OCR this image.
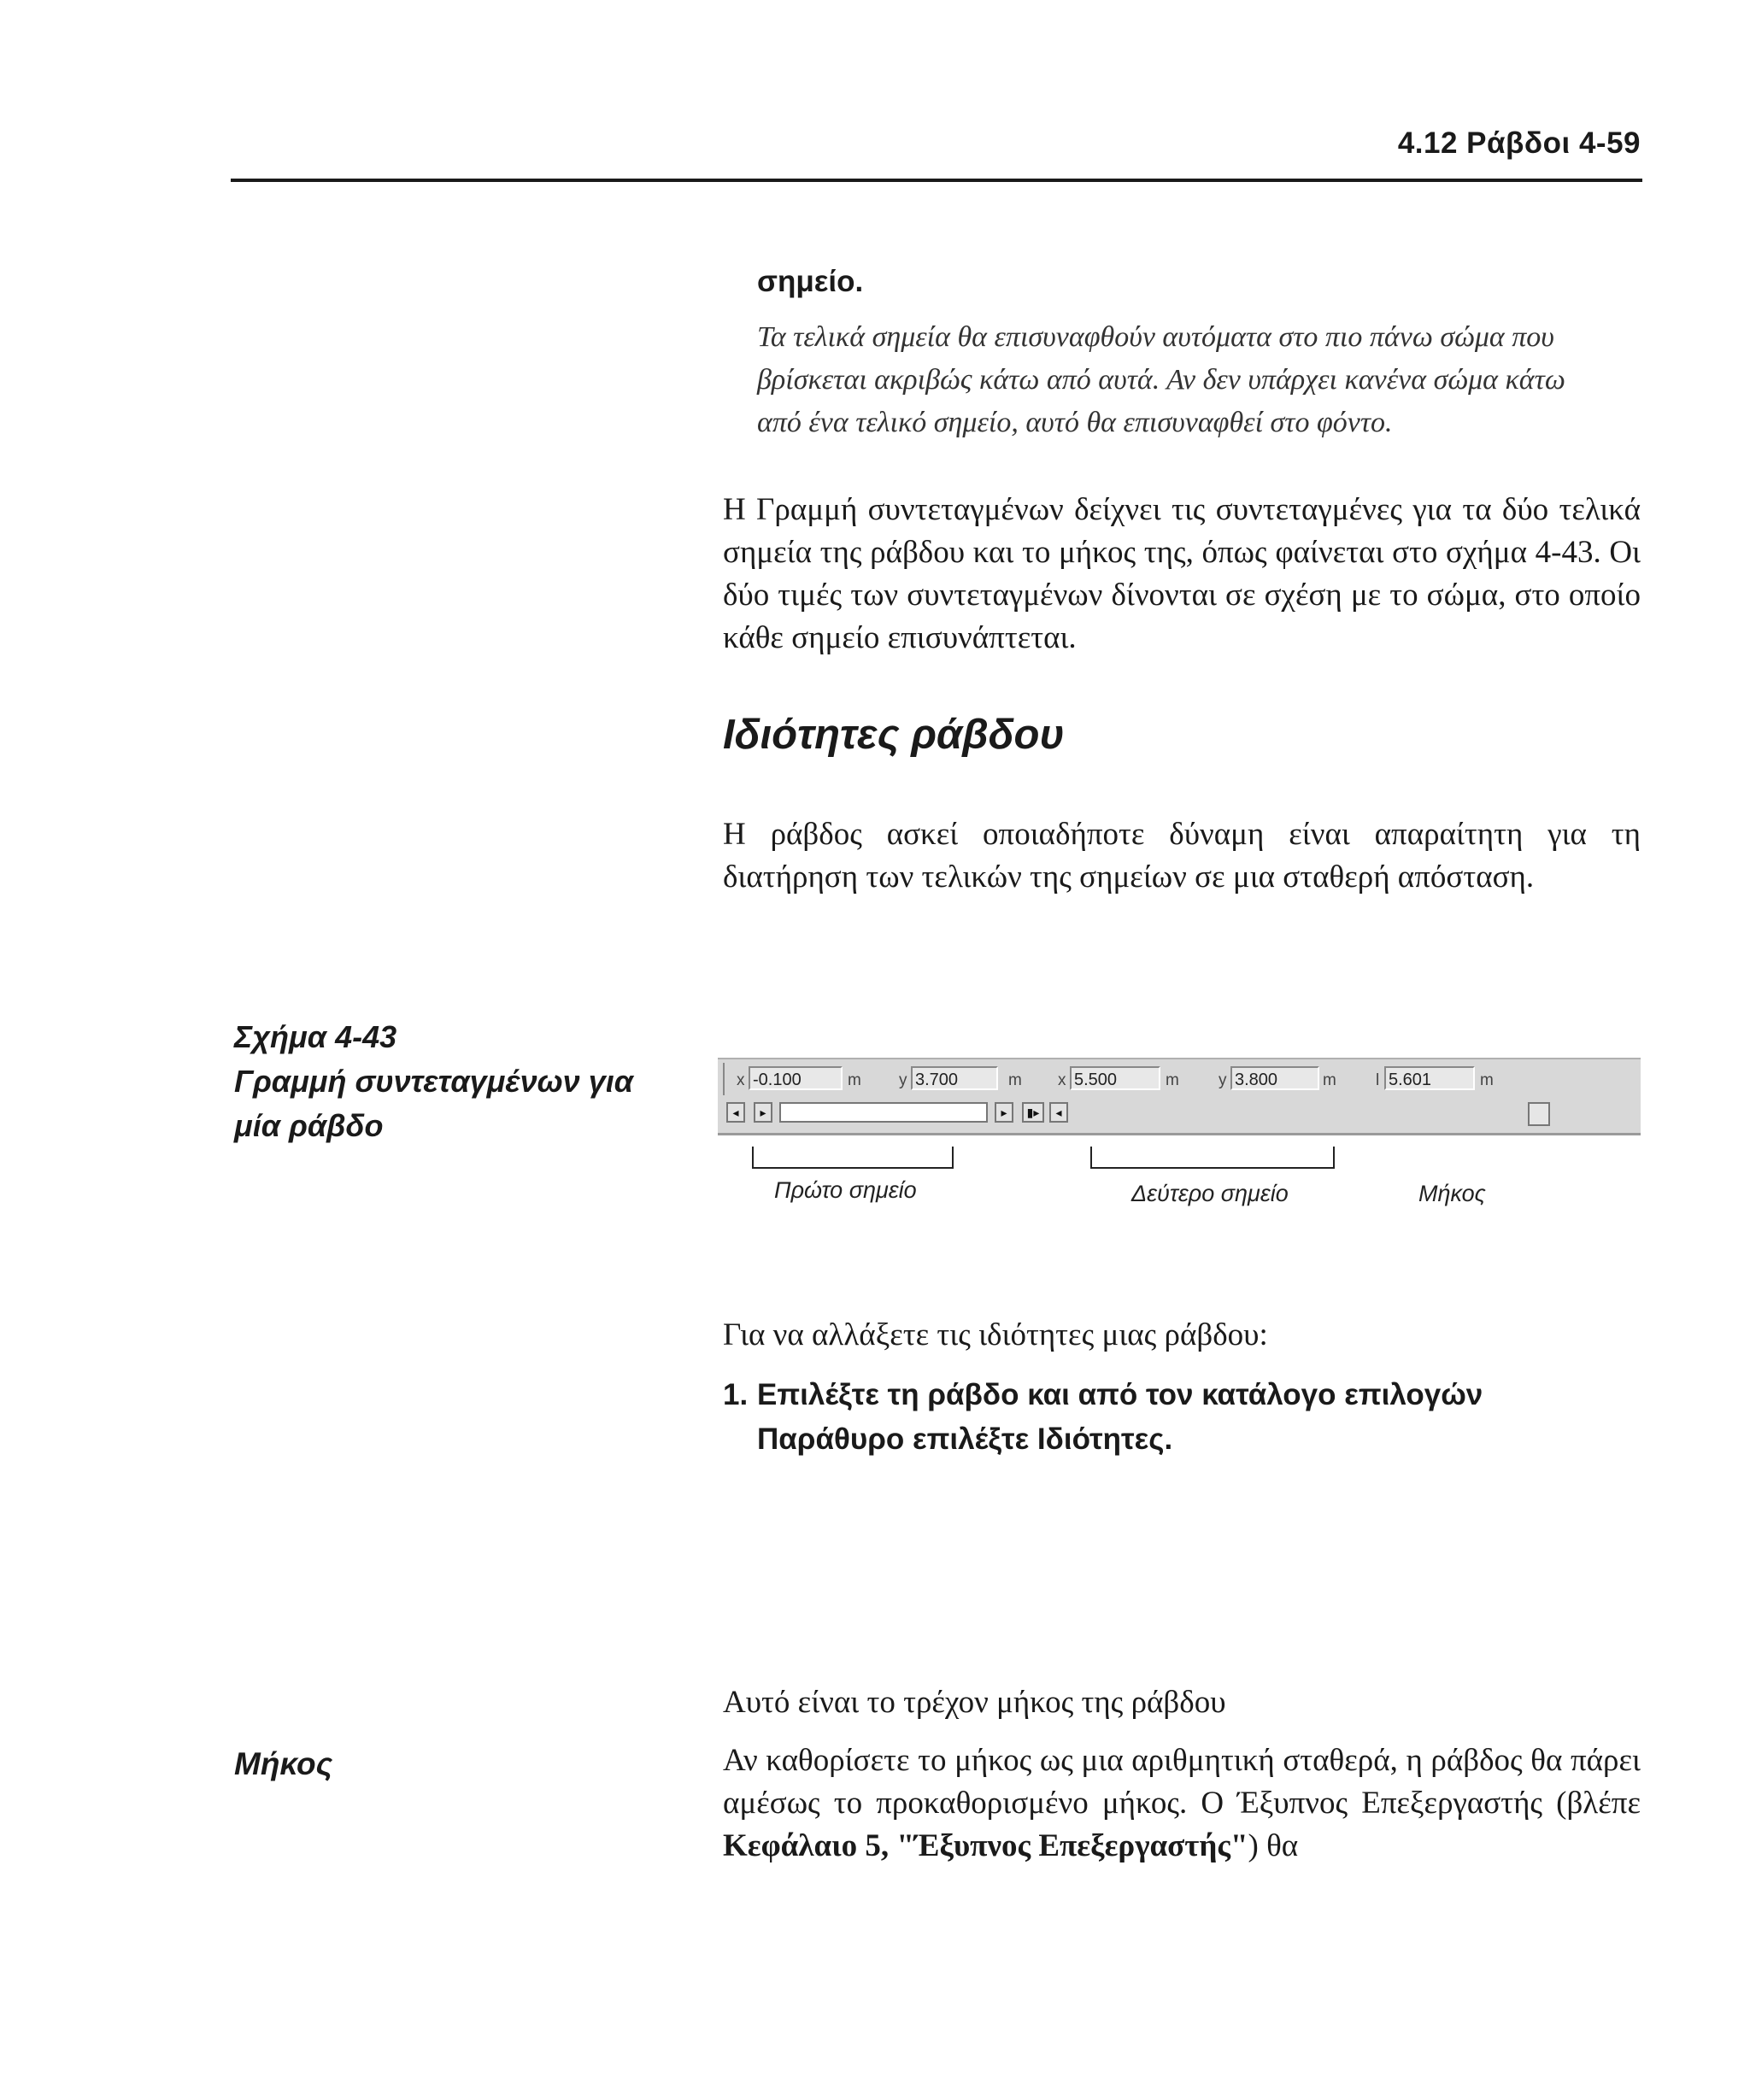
4.12 Ράβδοι 4-59
σημείο.
Τα τελικά σημεία θα επισυναφθούν αυτόματα στο πιο πάνω σώμα που βρίσκεται ακριβώς κάτω από αυτά. Αν δεν υπάρχει κανένα σώμα κάτω από ένα τελικό σημείο, αυτό θα επισυναφθεί στο φόντο.
Η Γραμμή συντεταγμένων δείχνει τις συντεταγμένες για τα δύο τελικά σημεία της ράβδου και το μήκος της, όπως φαίνεται στο σχήμα 4-43. Οι δύο τιμές των συντεταγμένων δίνονται σε σχέση με το σώμα, στο οποίο κάθε σημείο επισυνάπτεται.
Ιδιότητες ράβδου
Η ράβδος ασκεί οποιαδήποτε δύναμη είναι απαραίτητη για τη διατήρηση των τελικών της σημείων σε μια σταθερή απόσταση.
Σχήμα 4-43
Γραμμή συντεταγμένων για
μία ράβδο
x -0.100	m y 3.700	m x 5.500	m y 3.800	m l 5.601	m
◂	▸	▸	▮▸	◂
Πρώτο σημείο	Δεύτερο σημείο	Μήκος
Για να αλλάξετε τις ιδιότητες μιας ράβδου:
1. Επιλέξτε τη ράβδο και από τον κατάλογο επιλογών Παράθυρο επιλέξτε Ιδιότητες.
Αυτό είναι το τρέχον μήκος της ράβδου
Μήκος	Αν καθορίσετε το μήκος ως μια αριθμητική σταθερά, η ράβδος θα πάρει αμέσως το προκαθορισμένο μήκος. Ο Έξυπνος Επεξεργαστής (βλέπε Κεφάλαιο 5, "Έξυπνος Επεξεργαστής") θα
